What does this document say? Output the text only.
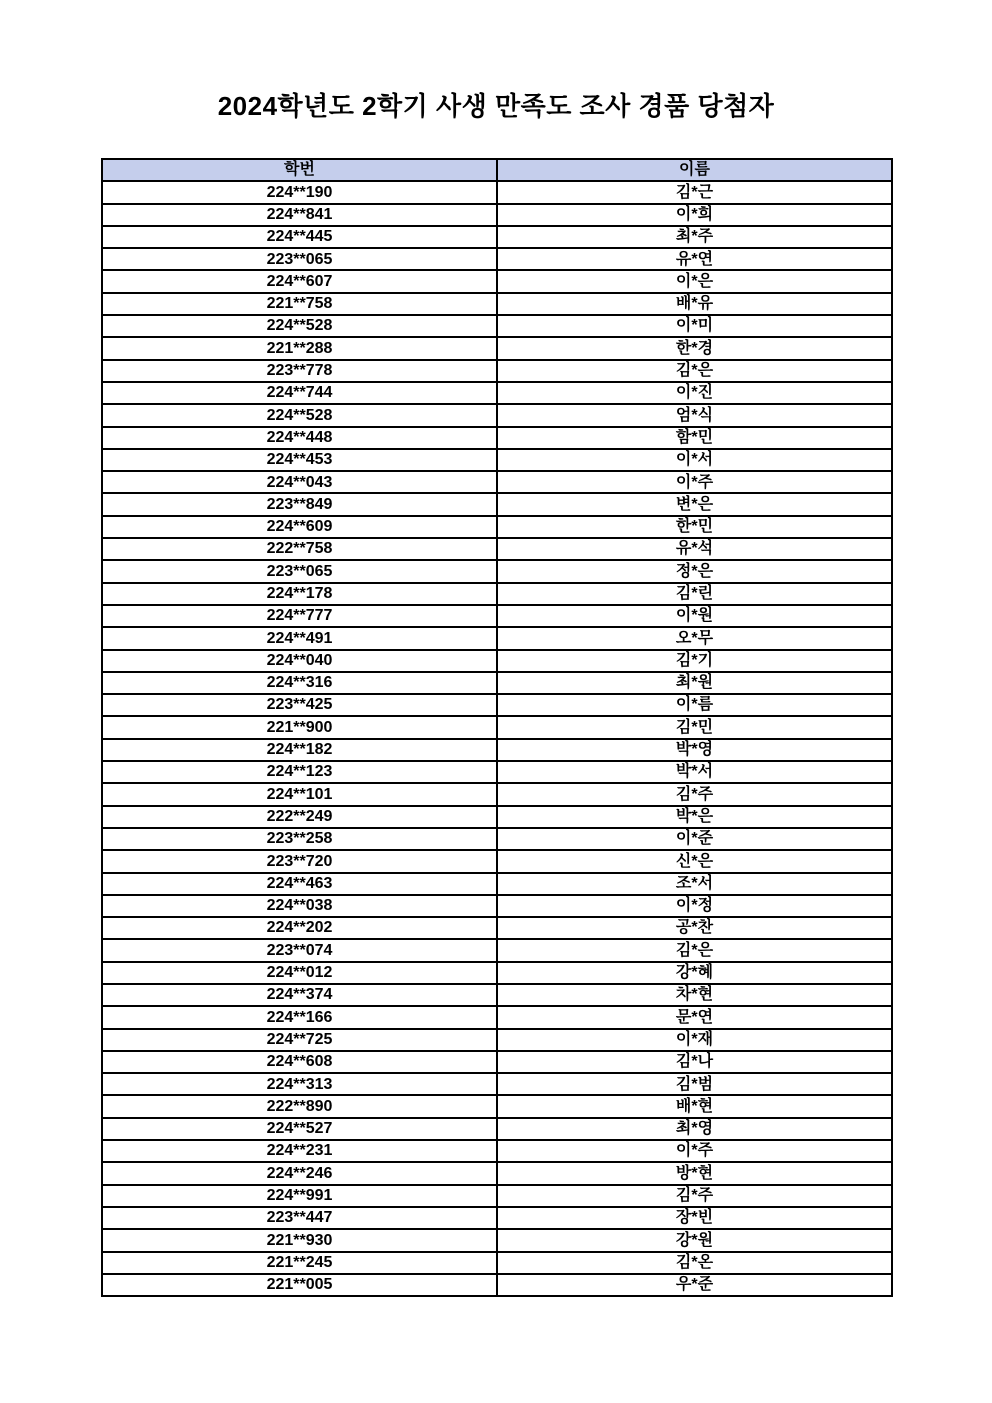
2024학년도 2학기 사생 만족도 조사 경품 당첨자
학번	이름
224**190	김*근
224**841	이*희
224**445	최*주
223**065	유*연
224**607	이*은
221**758	배*유
224**528	이*미
221**288	한*경
223**778	김*은
224**744	이*진
224**528	엄*식
224**448	함*민
224**453	이*서
224**043	이*주
223**849	변*은
224**609	한*민
222**758	유*석
223**065	정*은
224**178	김*린
224**777	이*원
224**491	오*무
224**040	김*기
224**316	최*원
223**425	이*름
221**900	김*민
224**182	박*영
224**123	박*서
224**101	김*주
222**249	박*은
223**258	이*준
223**720	신*은
224**463	조*서
224**038	이*정
224**202	공*찬
223**074	김*은
224**012	강*혜
224**374	차*현
224**166	문*연
224**725	이*재
224**608	김*나
224**313	김*범
222**890	배*현
224**527	최*영
224**231	이*주
224**246	방*현
224**991	김*주
223**447	장*빈
221**930	강*원
221**245	김*온
221**005	우*준
